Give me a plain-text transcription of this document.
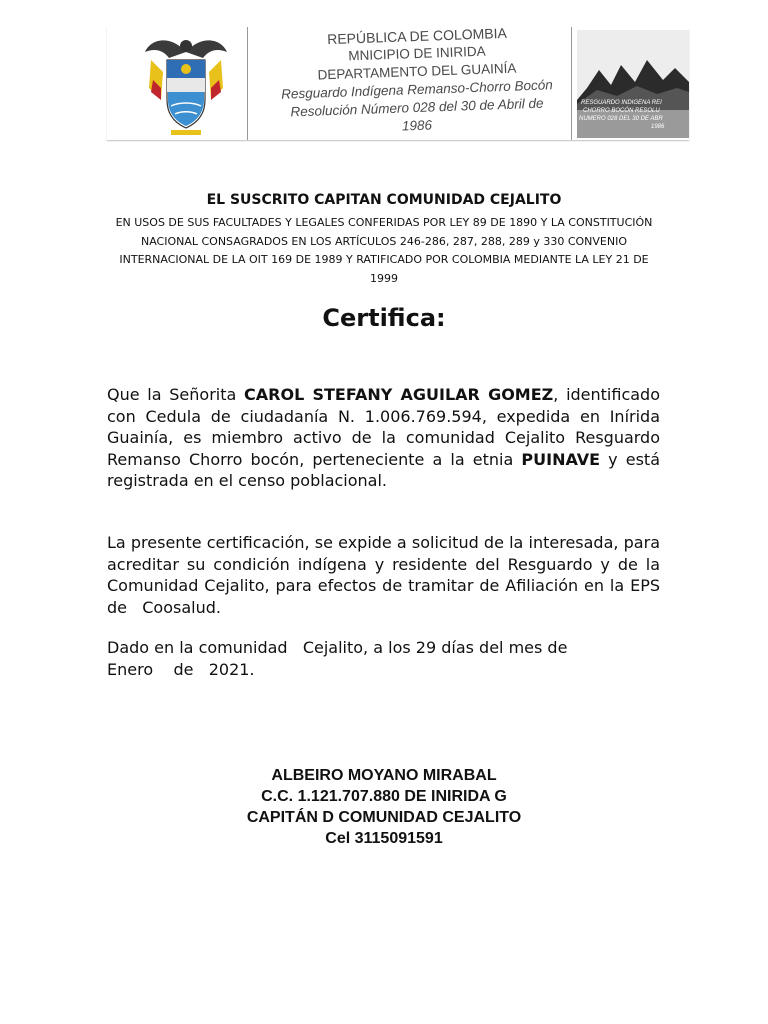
REPÚBLICA DE COLOMBIA
MNICIPIO DE INIRIDA
DEPARTAMENTO DEL GUAINÍA
Resguardo Indígena Remanso-Chorro Bocón
Resolución Número 028 del 30 de Abril de
1986
RESGUARDO INDIGENA REI
CHORRO BOCÓN RESOLU
NUMERO 028 DEL 30 DE ABR
1986
EL SUSCRITO CAPITAN COMUNIDAD CEJALITO
EN USOS DE SUS FACULTADES Y LEGALES CONFERIDAS POR LEY 89 DE 1890 Y LA CONSTITUCIÓN NACIONAL CONSAGRADOS EN LOS ARTÍCULOS 246-286, 287, 288, 289 y 330 CONVENIO INTERNACIONAL DE LA OIT 169 DE 1989 Y RATIFICADO POR COLOMBIA MEDIANTE LA LEY 21 DE 1999
Certifica:
Que la Señorita CAROL STEFANY AGUILAR GOMEZ, identificado con Cedula de ciudadanía N. 1.006.769.594, expedida en Inírida Guainía, es miembro activo de la comunidad Cejalito Resguardo Remanso Chorro bocón, perteneciente a la etnia PUINAVE y está registrada en el censo poblacional.
La presente certificación, se expide a solicitud de la interesada, para acreditar su condición indígena y residente del Resguardo y de la Comunidad Cejalito, para efectos de tramitar de Afiliación en la EPS de   Coosalud.
Dado en la comunidad   Cejalito, a los 29 días del mes de
Enero    de   2021.
ALBEIRO MOYANO MIRABAL
C.C. 1.121.707.880 DE INIRIDA G
CAPITÁN D COMUNIDAD CEJALITO
Cel 3115091591
